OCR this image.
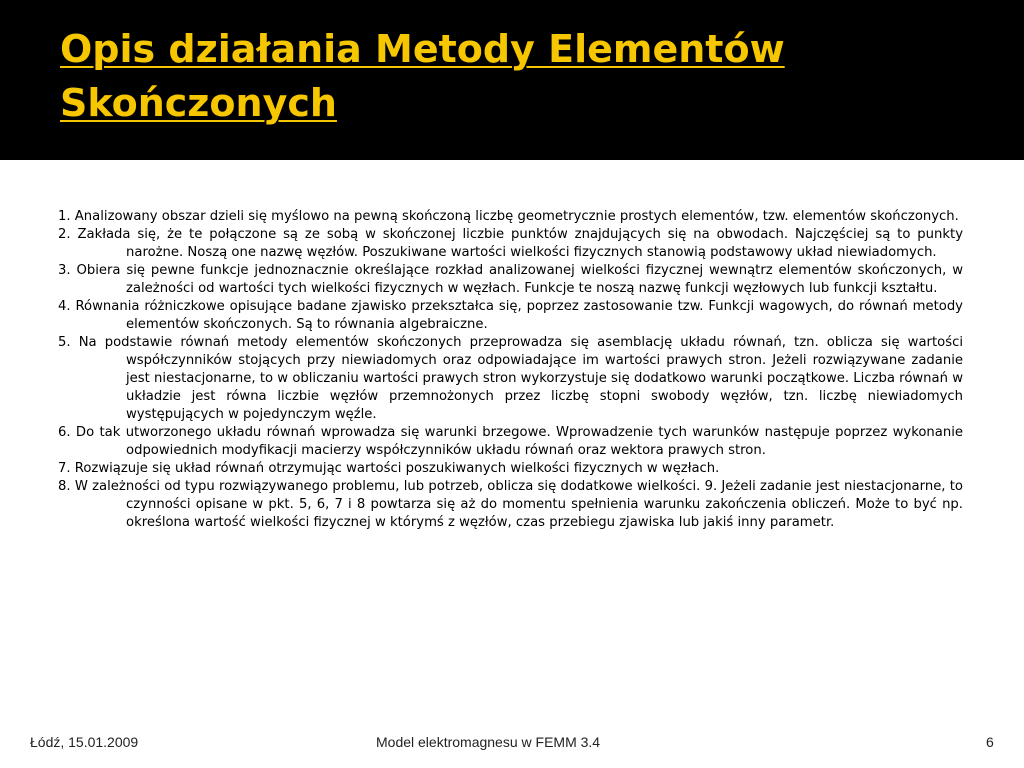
Opis działania Metody Elementów Skończonych
1. Analizowany obszar dzieli się myślowo na pewną skończoną liczbę geometrycznie prostych elementów, tzw. elementów skończonych.
2. Zakłada się, że te połączone są ze sobą w skończonej liczbie punktów znajdujących się na obwodach. Najczęściej są to punkty narożne. Noszą one nazwę węzłów. Poszukiwane wartości wielkości fizycznych stanowią podstawowy układ niewiadomych.
3. Obiera się pewne funkcje jednoznacznie określające rozkład analizowanej wielkości fizycznej wewnątrz elementów skończonych, w zależności od wartości tych wielkości fizycznych w węzłach. Funkcje te noszą nazwę funkcji węzłowych lub funkcji kształtu.
4. Równania różniczkowe opisujące badane zjawisko przekształca się, poprzez zastosowanie tzw. Funkcji wagowych, do równań metody elementów skończonych. Są to równania algebraiczne.
5. Na podstawie równań metody elementów skończonych przeprowadza się asemblację układu równań, tzn. oblicza się wartości współczynników stojących przy niewiadomych oraz odpowiadające im wartości prawych stron. Jeżeli rozwiązywane zadanie jest niestacjonarne, to w obliczaniu wartości prawych stron wykorzystuje się dodatkowo warunki początkowe. Liczba równań w układzie jest równa liczbie węzłów przemnożonych przez liczbę stopni swobody węzłów, tzn. liczbę niewiadomych występujących w pojedynczym węźle.
6. Do tak utworzonego układu równań wprowadza się warunki brzegowe. Wprowadzenie tych warunków następuje poprzez wykonanie odpowiednich modyfikacji macierzy współczynników układu równań oraz wektora prawych stron.
7. Rozwiązuje się układ równań otrzymując wartości poszukiwanych wielkości fizycznych w węzłach.
8. W zależności od typu rozwiązywanego problemu, lub potrzeb, oblicza się dodatkowe wielkości. 9. Jeżeli zadanie jest niestacjonarne, to czynności opisane w pkt. 5, 6, 7 i 8 powtarza się aż do momentu spełnienia warunku zakończenia obliczeń. Może to być np. określona wartość wielkości fizycznej w którymś z węzłów, czas przebiegu zjawiska lub jakiś inny parametr.
Łódź, 15.01.2009	Model elektromagnesu w FEMM 3.4	6
